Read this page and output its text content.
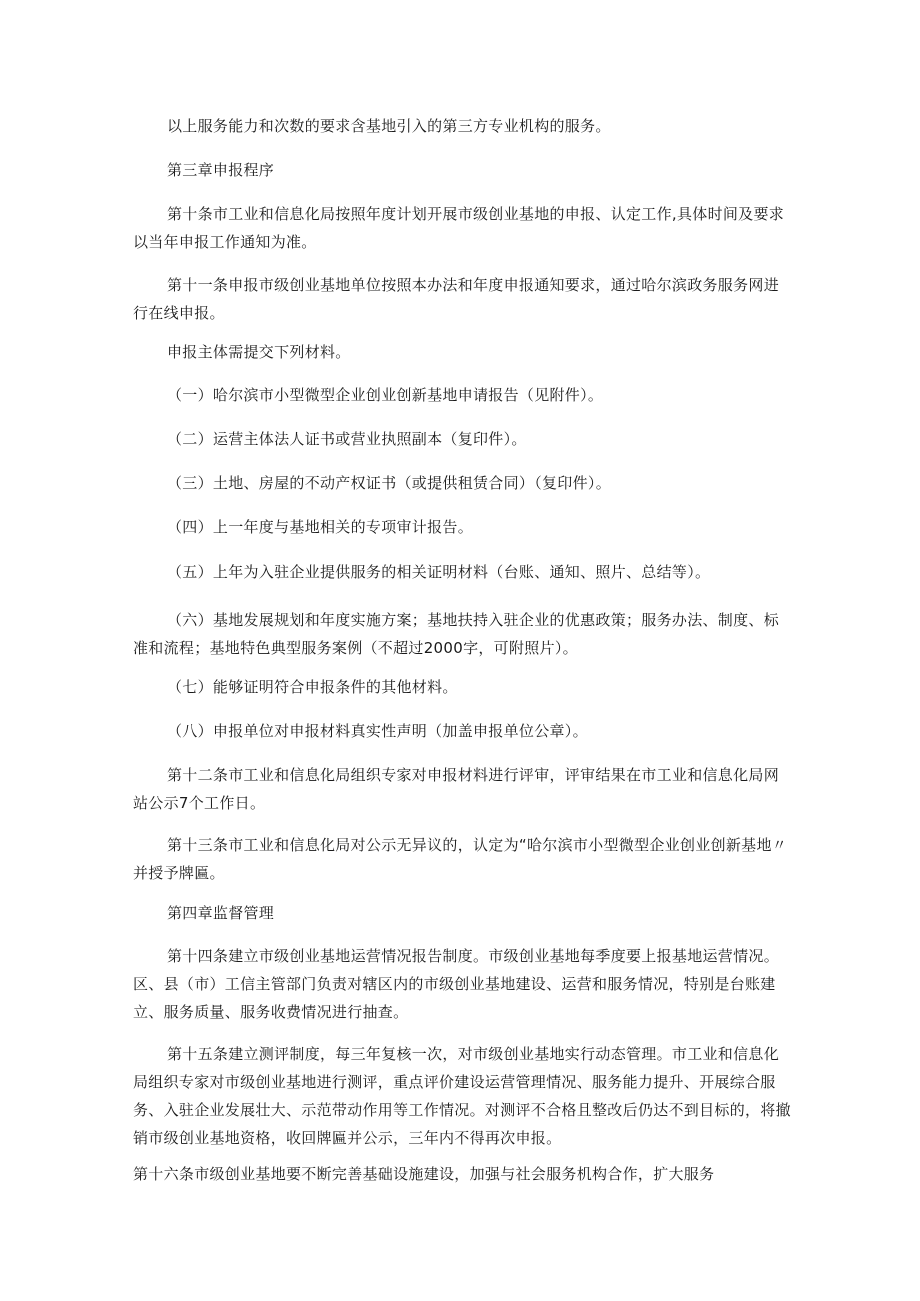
以上服务能力和次数的要求含基地引入的第三方专业机构的服务。

第三章申报程序

第十条市工业和信息化局按照年度计划开展市级创业基地的申报、认定工作,具体时间及要求以当年申报工作通知为准。

第十一条申报市级创业基地单位按照本办法和年度申报通知要求，通过哈尔滨政务服务网进行在线申报。

申报主体需提交下列材料。

（一）哈尔滨市小型微型企业创业创新基地申请报告（见附件）。

（二）运营主体法人证书或营业执照副本（复印件）。

（三）土地、房屋的不动产权证书（或提供租赁合同）（复印件）。

（四）上一年度与基地相关的专项审计报告。

（五）上年为入驻企业提供服务的相关证明材料（台账、通知、照片、总结等）。

（六）基地发展规划和年度实施方案；基地扶持入驻企业的优惠政策；服务办法、制度、标准和流程；基地特色典型服务案例（不超过2000字，可附照片）。

（七）能够证明符合申报条件的其他材料。

（八）申报单位对申报材料真实性声明（加盖申报单位公章）。

第十二条市工业和信息化局组织专家对申报材料进行评审，评审结果在市工业和信息化局网站公示7个工作日。

第十三条市工业和信息化局对公示无异议的，认定为“哈尔滨市小型微型企业创业创新基地〃并授予牌匾。

第四章监督管理

第十四条建立市级创业基地运营情况报告制度。市级创业基地每季度要上报基地运营情况。区、县（市）工信主管部门负责对辖区内的市级创业基地建设、运营和服务情况，特别是台账建立、服务质量、服务收费情况进行抽查。

第十五条建立测评制度，每三年复核一次，对市级创业基地实行动态管理。市工业和信息化局组织专家对市级创业基地进行测评，重点评价建设运营管理情况、服务能力提升、开展综合服务、入驻企业发展壮大、示范带动作用等工作情况。对测评不合格且整改后仍达不到目标的，将撤销市级创业基地资格，收回牌匾并公示，三年内不得再次申报。

第十六条市级创业基地要不断完善基础设施建设，加强与社会服务机构合作，扩大服务
